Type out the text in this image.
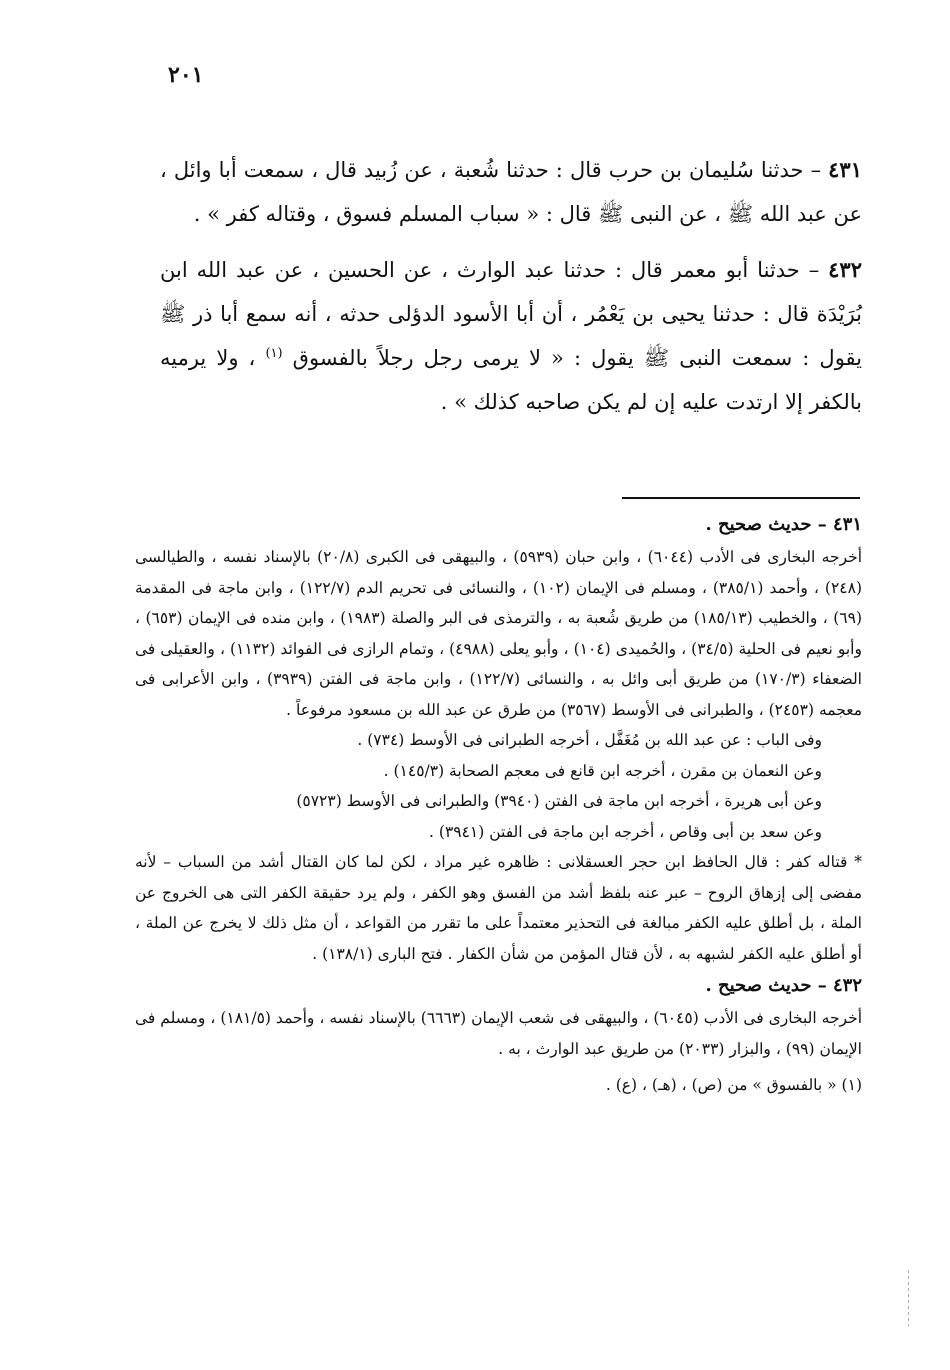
٢٠١

٤٣١ – حدثنا سُليمان بن حرب قال : حدثنا شُعبة ، عن زُبيد قال ، سمعت أبا وائل ، عن عبد الله ﷺ ، عن النبى ﷺ قال : « سباب المسلم فسوق ، وقتاله كفر » .

٤٣٢ – حدثنا أبو معمر قال : حدثنا عبد الوارث ، عن الحسين ، عن عبد الله ابن بُرَيْدَة قال : حدثنا يحيى بن يَعْمُر ، أن أبا الأسود الدؤلى حدثه ، أنه سمع أبا ذر ﷺ يقول : سمعت النبى ﷺ يقول : « لا يرمى رجل رجلاً بالفسوق $^{(١)}$ ، ولا يرميه بالكفر إلا ارتدت عليه إن لم يكن صاحبه كذلك » .

٤٣١ – حديث صحيح .

أخرجه البخارى فى الأدب (٦٠٤٤) ، وابن حبان (٥٩٣٩) ، والبيهقى فى الكبرى (٢٠/٨) بالإسناد نفسه ، والطيالسى (٢٤٨) ، وأحمد (٣٨٥/١) ، ومسلم فى الإيمان (١٠٢) ، والنسائى فى تحريم الدم (١٢٢/٧) ، وابن ماجة فى المقدمة (٦٩) ، والخطيب (١٨٥/١٣) من طريق شُعبة به ، والترمذى فى البر والصلة (١٩٨٣) ، وابن منده فى الإيمان (٦٥٣) ، وأبو نعيم فى الحلية (٣٤/٥) ، والحُميدى (١٠٤) ، وأبو يعلى (٤٩٨٨) ، وتمام الرازى فى الفوائد (١١٣٢) ، والعقيلى فى الضعفاء (١٧٠/٣) من طريق أبى وائل به ، والنسائى (١٢٢/٧) ، وابن ماجة فى الفتن (٣٩٣٩) ، وابن الأعرابى فى معجمه (٢٤٥٣) ، والطبرانى فى الأوسط (٣٥٦٧) من طرق عن عبد الله بن مسعود مرفوعاً .

وفى الباب : عن عبد الله بن مُغَفَّل ، أخرجه الطبرانى فى الأوسط (٧٣٤) .

وعن النعمان بن مقرن ، أخرجه ابن قانع فى معجم الصحابة (١٤٥/٣) .

وعن أبى هريرة ، أخرجه ابن ماجة فى الفتن (٣٩٤٠) والطبرانى فى الأوسط (٥٧٢٣)

وعن سعد بن أبى وقاص ، أخرجه ابن ماجة فى الفتن (٣٩٤١) .

* قتاله كفر : قال الحافظ ابن حجر العسقلانى : ظاهره غير مراد ، لكن لما كان القتال أشد من السباب – لأنه مفضى إلى إزهاق الروح – عبر عنه بلفظ أشد من الفسق وهو الكفر ، ولم يرد حقيقة الكفر التى هى الخروج عن الملة ، بل أطلق عليه الكفر مبالغة فى التحذير معتمداً على ما تقرر من القواعد ، أن مثل ذلك لا يخرج عن الملة ، أو أطلق عليه الكفر لشبهه به ، لأن قتال المؤمن من شأن الكفار . فتح البارى (١٣٨/١) .

٤٣٢ – حديث صحيح .

أخرجه البخارى فى الأدب (٦٠٤٥) ، والبيهقى فى شعب الإيمان (٦٦٦٣) بالإسناد نفسه ، وأحمد (١٨١/٥) ، ومسلم فى الإيمان (٩٩) ، والبزار (٢٠٣٣) من طريق عبد الوارث ، به .

(١) « بالفسوق » من (ص) ، (هـ) ، (ع) .
